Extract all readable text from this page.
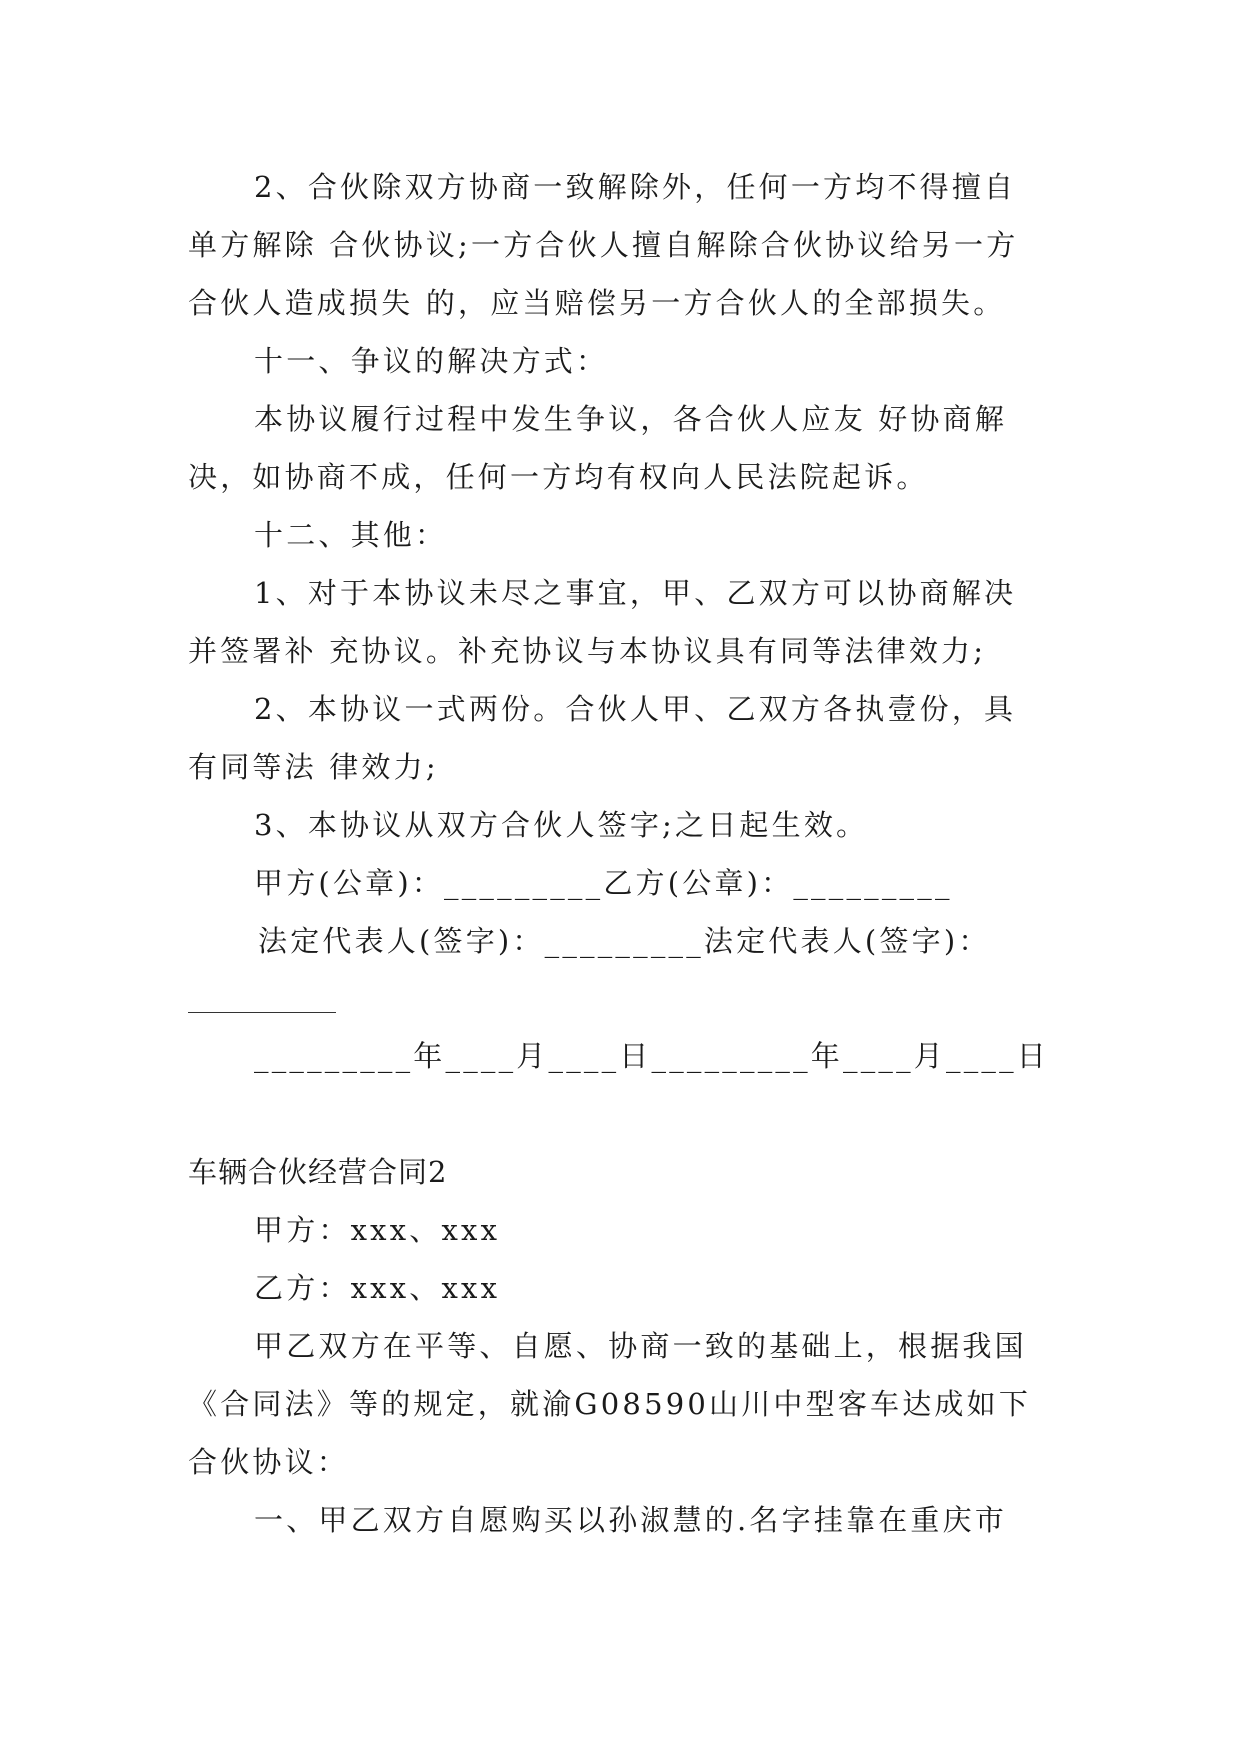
2、合伙除双方协商一致解除外，任何一方均不得擅自
单方解除 合伙协议;一方合伙人擅自解除合伙协议给另一方
合伙人造成损失 的，应当赔偿另一方合伙人的全部损失。
十一、争议的解决方式：
本协议履行过程中发生争议，各合伙人应友 好协商解
决，如协商不成，任何一方均有权向人民法院起诉。
十二、其他：
1、对于本协议未尽之事宜，甲、乙双方可以协商解决
并签署补 充协议。补充协议与本协议具有同等法律效力;
2、本协议一式两份。合伙人甲、乙双方各执壹份，具
有同等法 律效力;
3、本协议从双方合伙人签字;之日起生效。
甲方(公章)：_________乙方(公章)：_________
法定代表人(签字)：_________法定代表人(签字)：
_________年____月____日_________年____月____日
车辆合伙经营合同2
甲方：xxx、xxx
乙方：xxx、xxx
甲乙双方在平等、自愿、协商一致的基础上，根据我国
《合同法》等的规定，就渝G08590山川中型客车达成如下
合伙协议：
一、甲乙双方自愿购买以孙淑慧的.名字挂靠在重庆市
